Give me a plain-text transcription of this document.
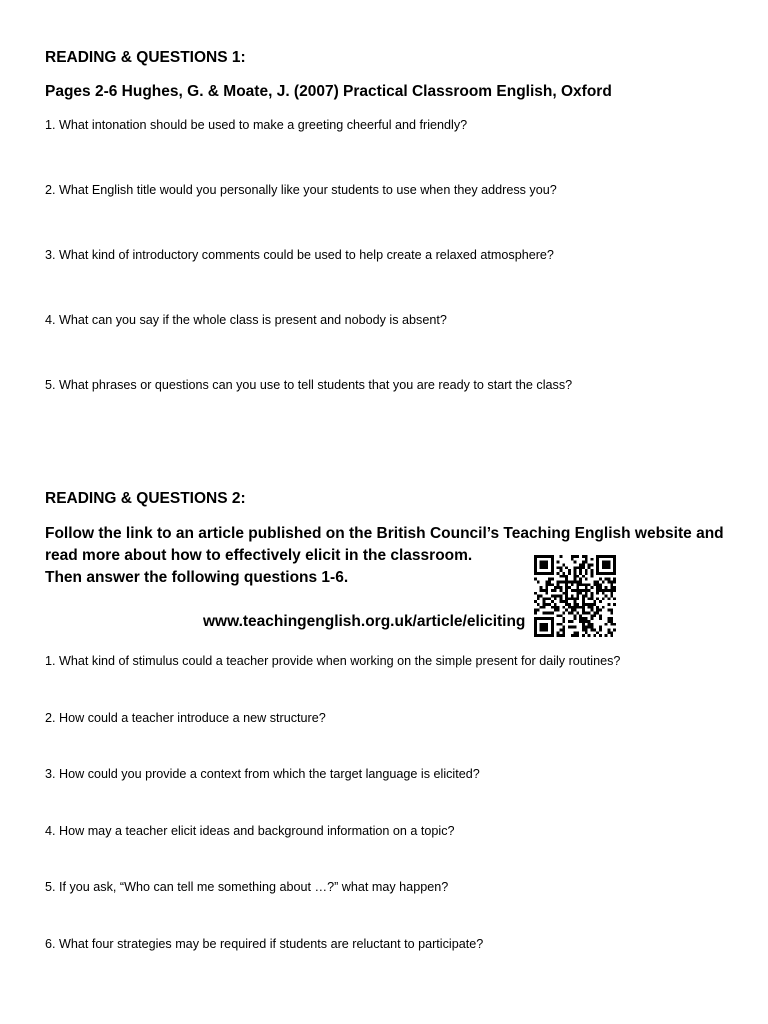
READING & QUESTIONS 1:
Pages 2-6 Hughes, G. & Moate, J. (2007) Practical Classroom English, Oxford
1. What intonation should be used to make a greeting cheerful and friendly?
2. What English title would you personally like your students to use when they address you?
3. What kind of introductory comments could be used to help create a relaxed atmosphere?
4. What can you say if the whole class is present and nobody is absent?
5. What phrases or questions can you use to tell students that you are ready to start the class?
READING & QUESTIONS 2:
Follow the link to an article published on the British Council’s Teaching English website and
read more about how to effectively elicit in the classroom.
Then answer the following questions 1-6.
www.teachingenglish.org.uk/article/eliciting
1. What kind of stimulus could a teacher provide when working on the simple present for daily routines?
2. How could a teacher introduce a new structure?
3. How could you provide a context from which the target language is elicited?
4. How may a teacher elicit ideas and background information on a topic?
5. If you ask, “Who can tell me something about …?” what may happen?
6. What four strategies may be required if students are reluctant to participate?
